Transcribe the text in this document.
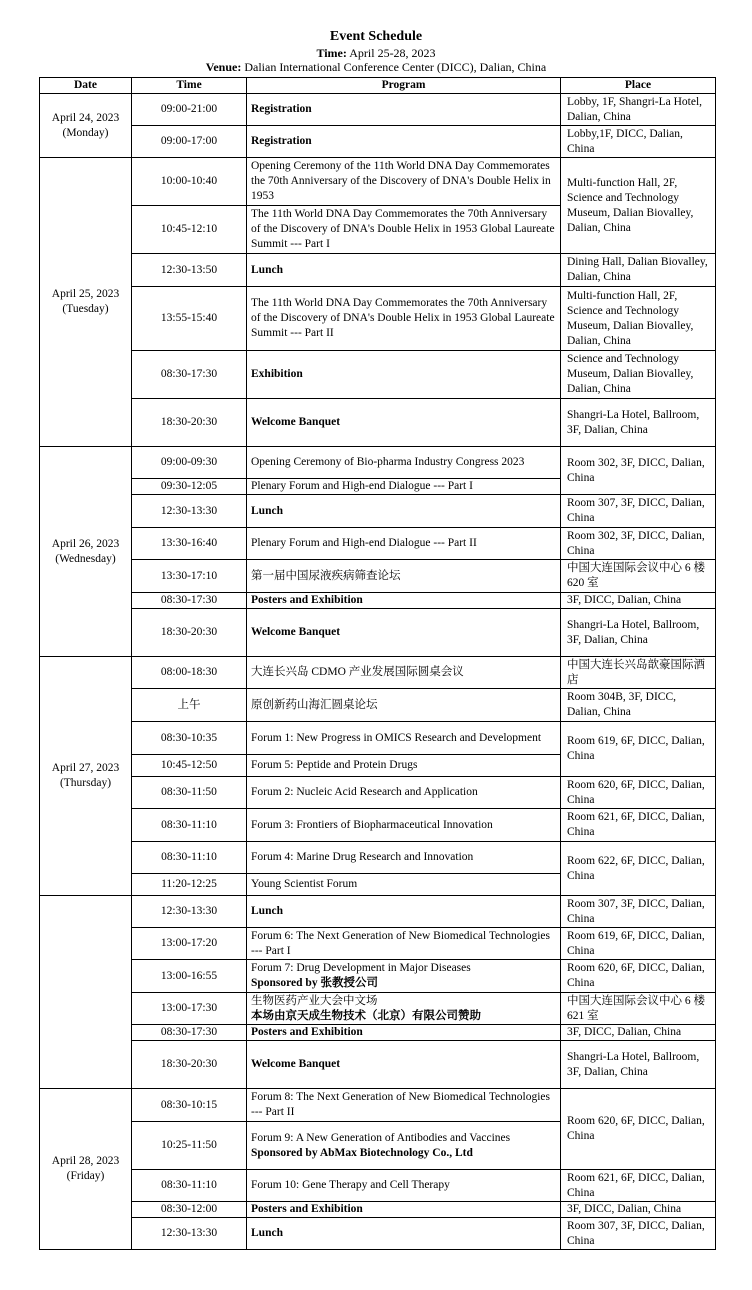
Event Schedule
Time: April 25-28, 2023
Venue: Dalian International Conference Center (DICC), Dalian, China
Date	Time	Program	Place
April 24, 2023 (Monday)	09:00-21:00	Registration	Lobby, 1F, Shangri-La Hotel, Dalian, China
	09:00-17:00	Registration	Lobby,1F, DICC, Dalian, China
April 25, 2023 (Tuesday)	10:00-10:40	Opening Ceremony of the 11th World DNA Day Commemorates the 70th Anniversary of the Discovery of DNA's Double Helix in 1953	Multi-function Hall, 2F, Science and Technology Museum, Dalian Biovalley, Dalian, China
	10:45-12:10	The 11th World DNA Day Commemorates the 70th Anniversary of the Discovery of DNA's Double Helix in 1953 Global Laureate Summit --- Part I	
	12:30-13:50	Lunch	Dining Hall, Dalian Biovalley, Dalian, China
	13:55-15:40	The 11th World DNA Day Commemorates the 70th Anniversary of the Discovery of DNA's Double Helix in 1953 Global Laureate Summit --- Part II	Multi-function Hall, 2F, Science and Technology Museum, Dalian Biovalley, Dalian, China
	08:30-17:30	Exhibition	Science and Technology Museum, Dalian Biovalley, Dalian, China
	18:30-20:30	Welcome Banquet	Shangri-La Hotel, Ballroom, 3F, Dalian, China
April 26, 2023 (Wednesday)	09:00-09:30	Opening Ceremony of Bio-pharma Industry Congress 2023	Room 302, 3F, DICC, Dalian, China
	09:30-12:05	Plenary Forum and High-end Dialogue --- Part I	
	12:30-13:30	Lunch	Room 307, 3F, DICC, Dalian, China
	13:30-16:40	Plenary Forum and High-end Dialogue --- Part II	Room 302, 3F, DICC, Dalian, China
	13:30-17:10	第一届中国尿液疾病筛查论坛	中国大连国际会议中心 6 楼 620 室
	08:30-17:30	Posters and Exhibition	3F, DICC, Dalian, China
	18:30-20:30	Welcome Banquet	Shangri-La Hotel, Ballroom, 3F, Dalian, China
April 27, 2023 (Thursday)	08:00-18:30	大连长兴岛 CDMO 产业发展国际圆桌会议	中国大连长兴岛歆豪国际酒店
	上午	原创新药山海汇圆桌论坛	Room 304B, 3F, DICC, Dalian, China
	08:30-10:35	Forum 1: New Progress in OMICS Research and Development	Room 619, 6F, DICC, Dalian, China
	10:45-12:50	Forum 5: Peptide and Protein Drugs	
	08:30-11:50	Forum 2: Nucleic Acid Research and Application	Room 620, 6F, DICC, Dalian, China
	08:30-11:10	Forum 3: Frontiers of Biopharmaceutical Innovation	Room 621, 6F, DICC, Dalian, China
	08:30-11:10	Forum 4: Marine Drug Research and Innovation	Room 622, 6F, DICC, Dalian, China
	11:20-12:25	Young Scientist Forum	
	12:30-13:30	Lunch	Room 307, 3F, DICC, Dalian, China
	13:00-17:20	Forum 6: The Next Generation of New Biomedical Technologies --- Part I	Room 619, 6F, DICC, Dalian, China
	13:00-16:55	Forum 7: Drug Development in Major Diseases
Sponsored by 张教授公司	Room 620, 6F, DICC, Dalian, China
	13:00-17:30	生物医药产业大会中文场
本场由京天成生物技术（北京）有限公司赞助	中国大连国际会议中心 6 楼 621 室
	08:30-17:30	Posters and Exhibition	3F, DICC, Dalian, China
	18:30-20:30	Welcome Banquet	Shangri-La Hotel, Ballroom, 3F, Dalian, China
April 28, 2023 (Friday)	08:30-10:15	Forum 8: The Next Generation of New Biomedical Technologies --- Part II	Room 620, 6F, DICC, Dalian, China
	10:25-11:50	Forum 9: A New Generation of Antibodies and Vaccines
Sponsored by AbMax Biotechnology Co., Ltd	
	08:30-11:10	Forum 10: Gene Therapy and Cell Therapy	Room 621, 6F, DICC, Dalian, China
	08:30-12:00	Posters and Exhibition	3F, DICC, Dalian, China
	12:30-13:30	Lunch	Room 307, 3F, DICC, Dalian, China
